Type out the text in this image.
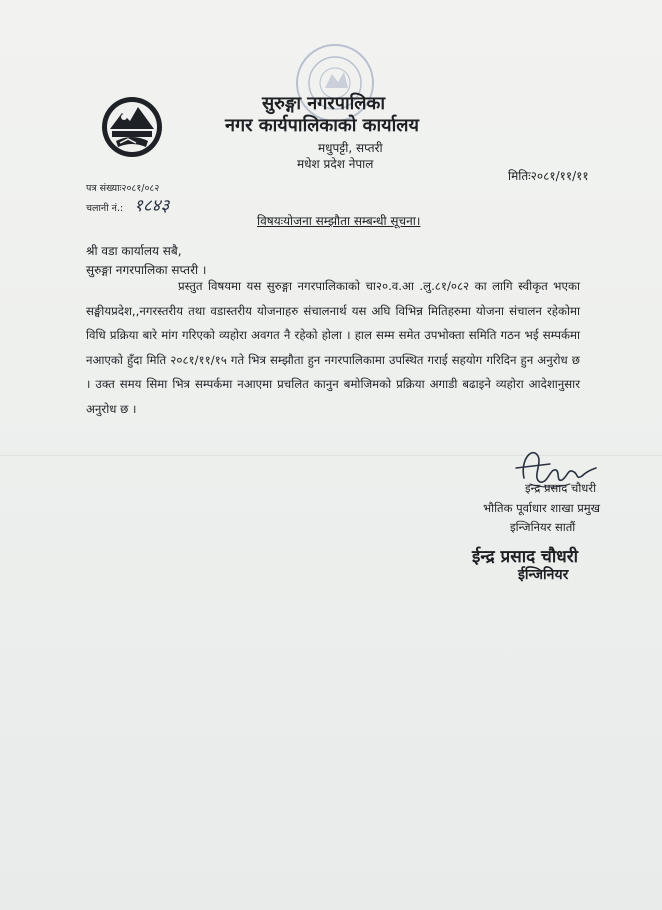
सुरुङ्गा नगरपालिका
नगर कार्यपालिकाको कार्यालय
मधुपट्टी, सप्तरी
मधेश प्रदेश नेपाल
मितिः२०८१/११/११
पत्र संख्याः२०८१/०८२
चलानी नं.: १८४३
विषयःयोजना सम्झौता सम्बन्धी सूचना।
श्री वडा कार्यालय सबै,
सुरुङ्गा नगरपालिका सप्तरी ।
प्रस्तुत विषयमा यस सुरुङ्गा नगरपालिकाको चा२०.व.आ .लु.८१/०८२ का लागि स्वीकृत भएका सङ्घीयप्रदेश,,नगरस्तरीय तथा वडास्तरीय योजनाहरु संचालनार्थ यस अघि विभिन्न मितिहरुमा योजना संचालन रहेकोमा विधि प्रक्रिया बारे मांग गरिएको व्यहोरा अवगत नै रहेको होला । हाल सम्म समेत उपभोक्ता समिति गठन भई सम्पर्कमा नआएको हुँदा मिति २०८१/११/१५ गते भित्र सम्झौता हुन नगरपालिकामा उपस्थित गराई सहयोग गरिदिन हुन अनुरोध छ । उक्त समय सिमा भित्र सम्पर्कमा नआएमा प्रचलित कानुन बमोजिमको प्रक्रिया अगाडी बढाइने व्यहोरा आदेशानुसार अनुरोध छ ।
इन्द्र प्रसाद चौधरी
भौतिक पूर्वाधार शाखा प्रमुख
इन्जिनियर सातौं
ईन्द्र प्रसाद चौधरी
ईन्जिनियर
